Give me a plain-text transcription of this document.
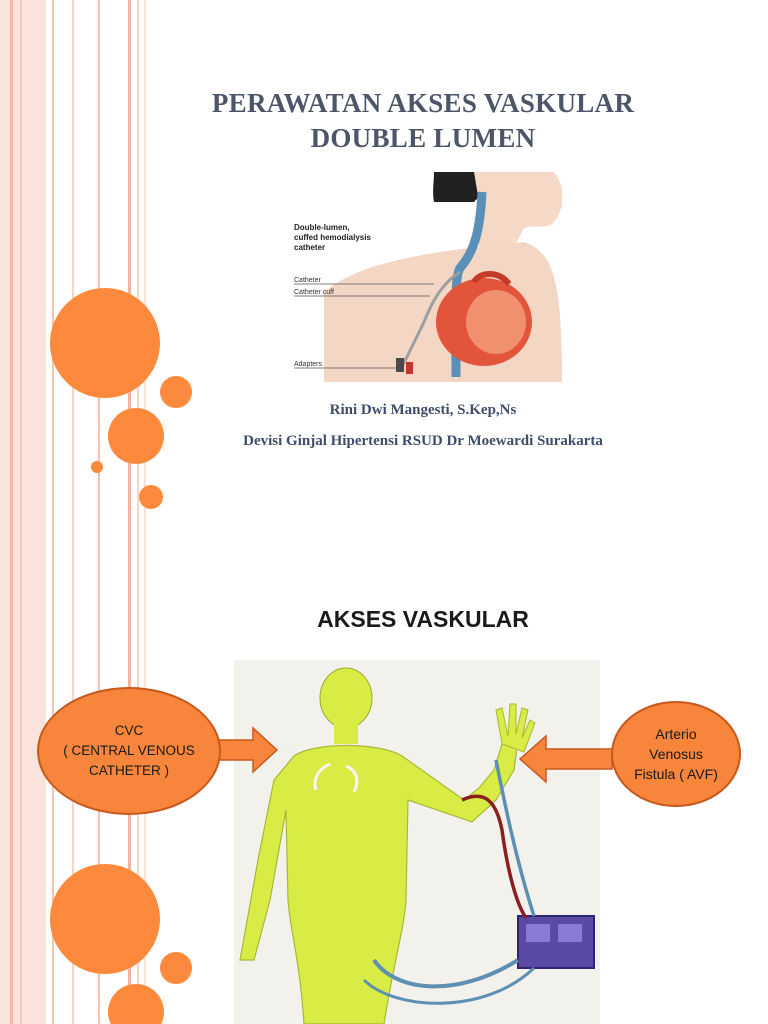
PERAWATAN AKSES VASKULAR
DOUBLE LUMEN
Double-lumen,
cuffed hemodialysis
catheter
Catheter
Catheter cuff
Adapters

Rini Dwi Mangesti, S.Kep,Ns

Devisi Ginjal Hipertensi RSUD Dr Moewardi Surakarta

AKSES VASKULAR
CVC
( CENTRAL VENOUS
CATHETER )
Arterio
Venosus
Fistula ( AVF)
